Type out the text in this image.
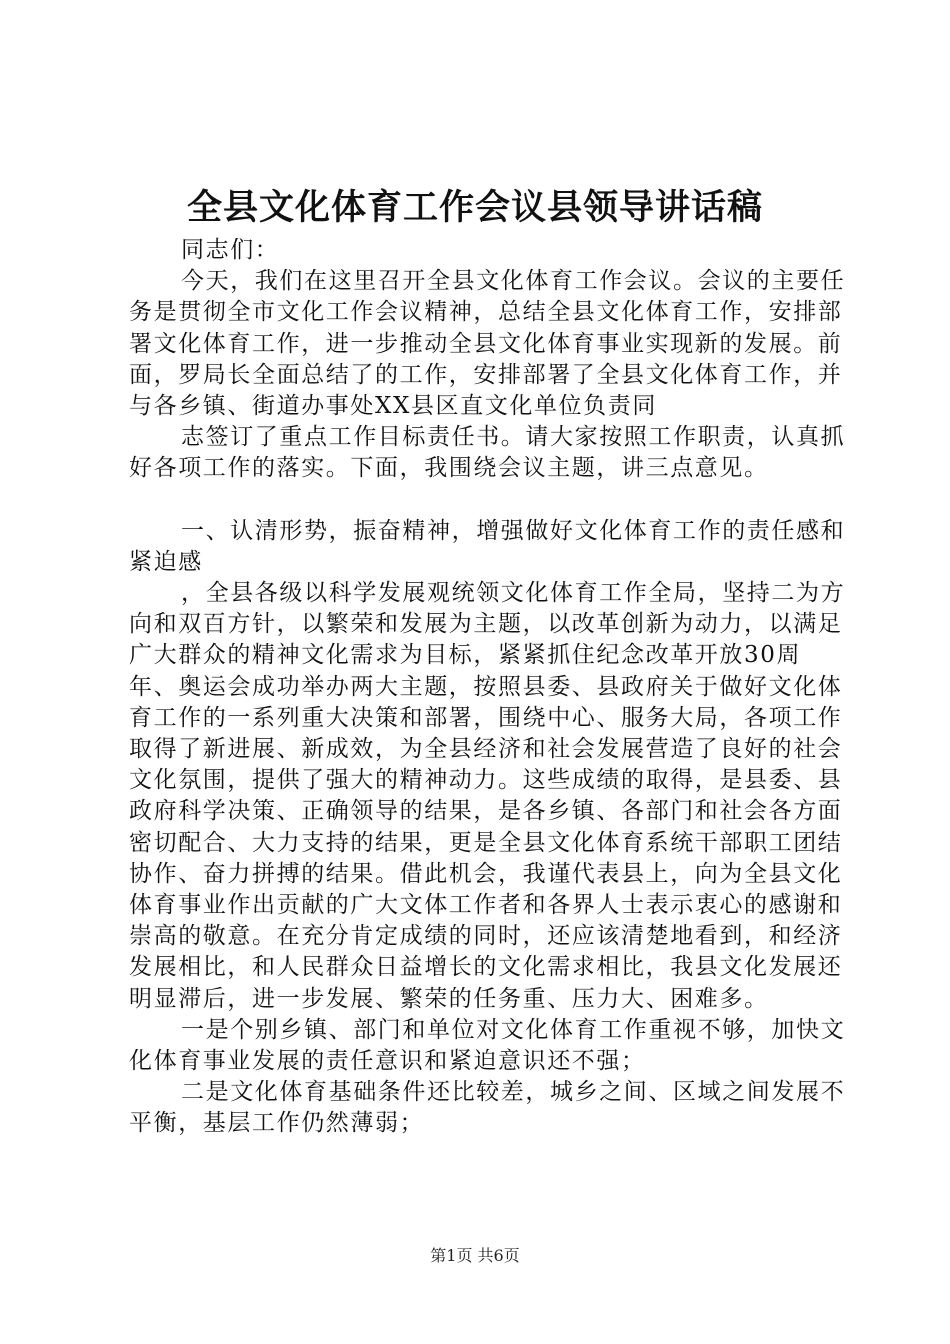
全县文化体育工作会议县领导讲话稿

同志们：

今天，我们在这里召开全县文化体育工作会议。会议的主要任务是贯彻全市文化工作会议精神，总结全县文化体育工作，安排部署文化体育工作，进一步推动全县文化体育事业实现新的发展。前面，罗局长全面总结了的工作，安排部署了全县文化体育工作，并与各乡镇、街道办事处XX县区直文化单位负责同

志签订了重点工作目标责任书。请大家按照工作职责，认真抓好各项工作的落实。下面，我围绕会议主题，讲三点意见。

一、认清形势，振奋精神，增强做好文化体育工作的责任感和紧迫感

，全县各级以科学发展观统领文化体育工作全局，坚持二为方向和双百方针，以繁荣和发展为主题，以改革创新为动力，以满足广大群众的精神文化需求为目标，紧紧抓住纪念改革开放30周年、奥运会成功举办两大主题，按照县委、县政府关于做好文化体育工作的一系列重大决策和部署，围绕中心、服务大局，各项工作取得了新进展、新成效，为全县经济和社会发展营造了良好的社会文化氛围，提供了强大的精神动力。这些成绩的取得，是县委、县政府科学决策、正确领导的结果，是各乡镇、各部门和社会各方面密切配合、大力支持的结果，更是全县文化体育系统干部职工团结协作、奋力拼搏的结果。借此机会，我谨代表县上，向为全县文化体育事业作出贡献的广大文体工作者和各界人士表示衷心的感谢和崇高的敬意。在充分肯定成绩的同时，还应该清楚地看到，和经济发展相比，和人民群众日益增长的文化需求相比，我县文化发展还明显滞后，进一步发展、繁荣的任务重、压力大、困难多。

一是个别乡镇、部门和单位对文化体育工作重视不够，加快文化体育事业发展的责任意识和紧迫意识还不强；

二是文化体育基础条件还比较差，城乡之间、区域之间发展不平衡，基层工作仍然薄弱；

第1页 共6页
